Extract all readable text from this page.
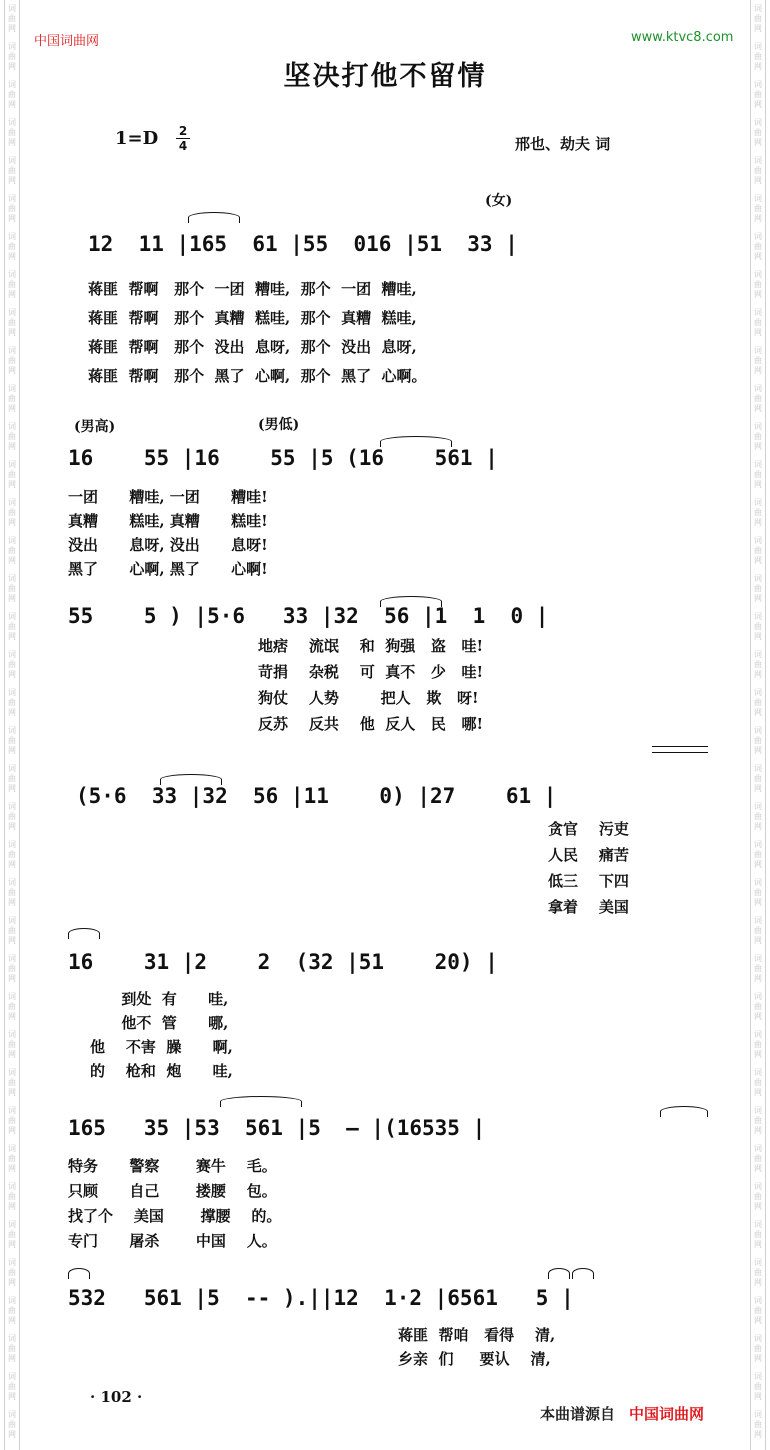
词
曲
网
词
曲
网
词
曲
网
词
曲
网
词
曲
网
词
曲
网
词
曲
网
词
曲
网
词
曲
网
词
曲
网
词
曲
网
词
曲
网
词
曲
网
词
曲
网
词
曲
网
词
曲
网
词
曲
网
词
曲
网
词
曲
网
词
曲
网
词
曲
网
词
曲
网
词
曲
网
词
曲
网
词
曲
网
词
曲
网
词
曲
网
词
曲
网
词
曲
网
词
曲
网
词
曲
网
词
曲
网
词
曲
网
词
曲
网
词
曲
网
词
曲
网
词
曲
网
词
曲
网
词
曲
网
词
曲
网
词
曲
网
词
曲
网
词
曲
网
词
曲
网
词
曲
网
词
曲
网
词
曲
网
词
曲
网
词
曲
网
词
曲
网
词
曲
网
词
曲
网
词
曲
网
词
曲
网
词
曲
网
词
曲
网
词
曲
网
词
曲
网
词
曲
网
词
曲
网
词
曲
网
词
曲
网
词
曲
网
词
曲
网
词
曲
网
词
曲
网
词
曲
网
词
曲
网
词
曲
网
词
曲
网
词
曲
网
词
曲
网
词
曲
网
词
曲
网
词
曲
网
词
曲
网
中国词曲网	www.ktvc8.com
坚决打他不留情
$1=D \frac{2}{4}$	邢也、劫夫 词
(女)
(男高)	(男低)
12  11 |165  61 |55  016 |51  33 |
蒋匪  帮啊   那个  一团  糟哇,  那个  一团  糟哇,
蒋匪  帮啊   那个  真糟  糕哇,  那个  真糟  糕哇,
蒋匪  帮啊   那个  没出  息呀,  那个  没出  息呀,
蒋匪  帮啊   那个  黑了  心啊,  那个  黑了  心啊。
16    55 |16    55 |5 (16    561 |
一团      糟哇, 一团      糟哇!
真糟      糕哇, 真糟      糕哇!
没出      息呀, 没出      息呀!
黑了      心啊, 黑了      心啊!
55    5 ) |5·6   33 |32  56 |1  1  0 |
地痞    流氓    和  狗强   盗   哇!
苛捐    杂税    可  真不   少   哇!
狗仗    人势        把人   欺   呀!
反苏    反共    他  反人   民   哪!
(5·6  33 |32  56 |11    0) |27    61 |
贪官    污吏
人民    痛苦
低三    下四
拿着    美国
16    31 |2    2  (32 |51    20) |
到处  有      哇,
他不  管      哪,
他    不害  臊      啊,
的    枪和  炮      哇,
165   35 |53  561 |5  — |(16535 |
特务      警察       赛牛    毛。
只顾      自己       搂腰    包。
找了个    美国       撑腰    的。
专门      屠杀       中国    人。
532   561 |5  -- ).||12  1·2 |6561   5 |
蒋匪  帮咱   看得    清,
乡亲  们     要认    清,
· 102 ·
本曲谱源自 中国词曲网
